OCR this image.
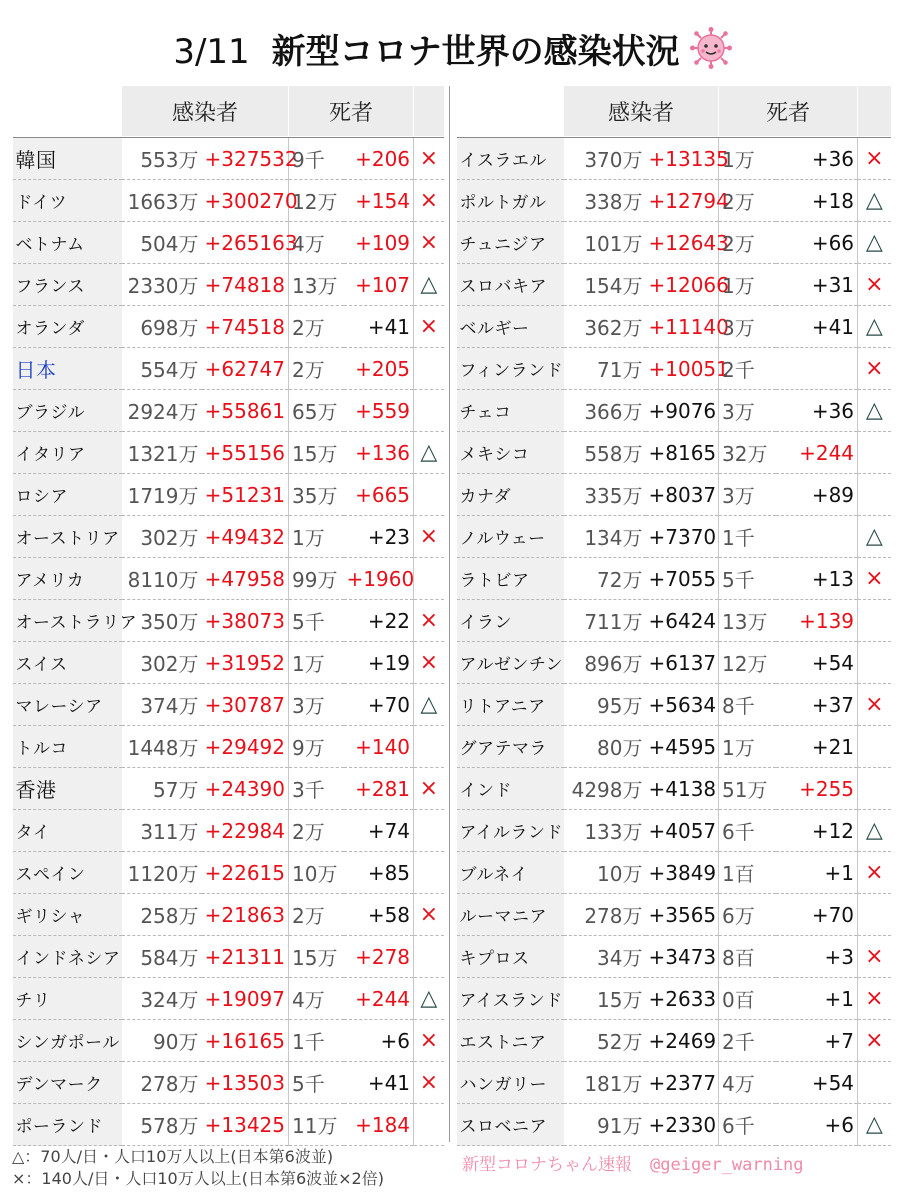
3/11 新型コロナ世界の感染状況
	感染者		死者		

韓国	553万	+327532	9千	+206	×
ドイツ	1663万	+300270	12万	+154	×
ベトナム	504万	+265163	4万	+109	×
フランス	2330万	+74818	13万	+107	△
オランダ	698万	+74518	2万	+41	×
日本	554万	+62747	2万	+205	
ブラジル	2924万	+55861	65万	+559	
イタリア	1321万	+55156	15万	+136	△
ロシア	1719万	+51231	35万	+665	
オーストリア	302万	+49432	1万	+23	×
アメリカ	8110万	+47958	99万	+1960	
オーストラリア	350万	+38073	5千	+22	×
スイス	302万	+31952	1万	+19	×
マレーシア	374万	+30787	3万	+70	△
トルコ	1448万	+29492	9万	+140	
香港	57万	+24390	3千	+281	×
タイ	311万	+22984	2万	+74	
スペイン	1120万	+22615	10万	+85	
ギリシャ	258万	+21863	2万	+58	×
インドネシア	584万	+21311	15万	+278	
チリ	324万	+19097	4万	+244	△
シンガポール	90万	+16165	1千	+6	×
デンマーク	278万	+13503	5千	+41	×
ポーランド	578万	+13425	11万	+184	
	感染者		死者		

イスラエル	370万	+13135	1万	+36	×
ポルトガル	338万	+12794	2万	+18	△
チュニジア	101万	+12643	2万	+66	△
スロバキア	154万	+12066	1万	+31	×
ベルギー	362万	+11140	3万	+41	△
フィンランド	71万	+10051	2千		×
チェコ	366万	+9076	3万	+36	△
メキシコ	558万	+8165	32万	+244	
カナダ	335万	+8037	3万	+89	
ノルウェー	134万	+7370	1千		△
ラトビア	72万	+7055	5千	+13	×
イラン	711万	+6424	13万	+139	
アルゼンチン	896万	+6137	12万	+54	
リトアニア	95万	+5634	8千	+37	×
グアテマラ	80万	+4595	1万	+21	
インド	4298万	+4138	51万	+255	
アイルランド	133万	+4057	6千	+12	△
ブルネイ	10万	+3849	1百	+1	×
ルーマニア	278万	+3565	6万	+70	
キプロス	34万	+3473	8百	+3	×
アイスランド	15万	+2633	0百	+1	×
エストニア	52万	+2469	2千	+7	×
ハンガリー	181万	+2377	4万	+54	
スロベニア	91万	+2330	6千	+6	△
△：70人/日・人口10万人以上(日本第6波並)
×：140人/日・人口10万人以上(日本第6波並×2倍)
新型コロナちゃん速報 @geiger_warning
